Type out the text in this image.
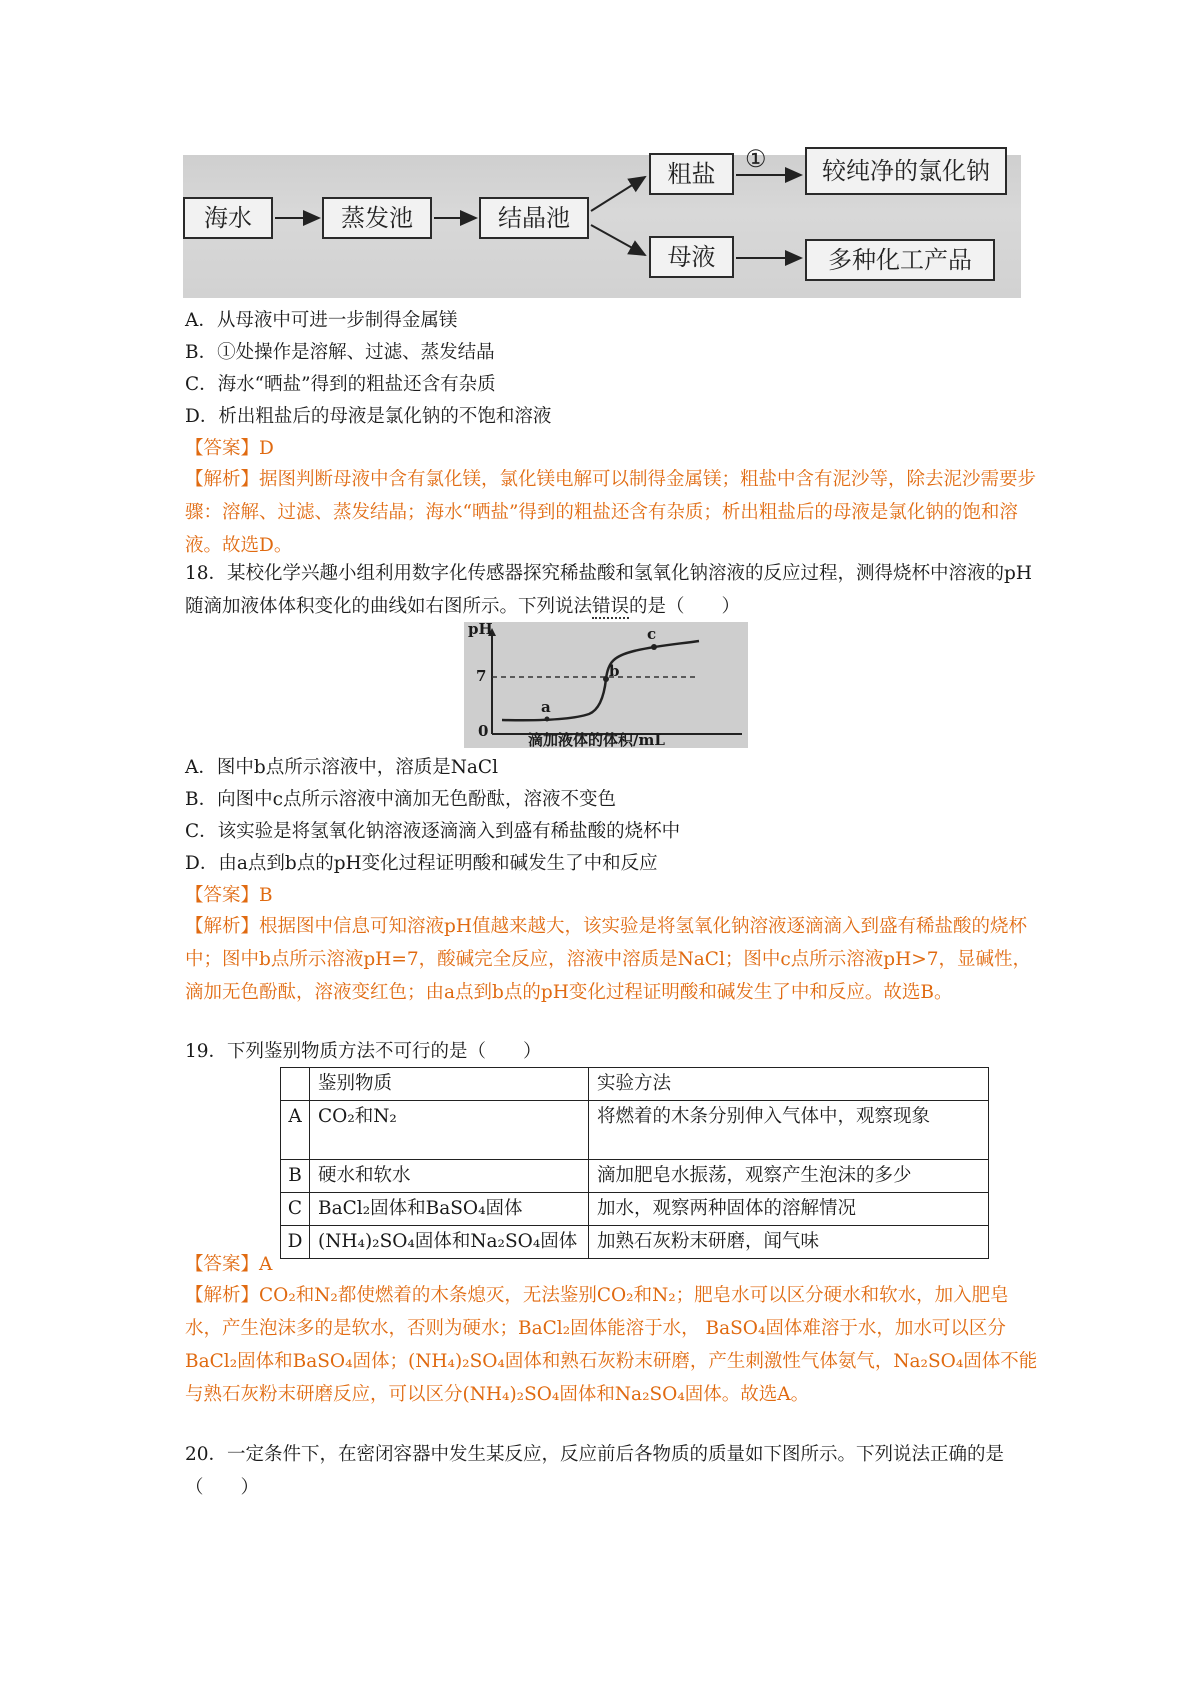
海水	蒸发池	结晶池
粗盐
母液
较纯净的氯化钠
多种化工产品
①
A．从母液中可进一步制得金属镁
B．①处操作是溶解、过滤、蒸发结晶
C．海水“晒盐”得到的粗盐还含有杂质
D．析出粗盐后的母液是氯化钠的不饱和溶液
【答案】D
【解析】据图判断母液中含有氯化镁，氯化镁电解可以制得金属镁；粗盐中含有泥沙等，除去泥沙需要步骤：溶解、过滤、蒸发结晶；海水“晒盐”得到的粗盐还含有杂质；析出粗盐后的母液是氯化钠的饱和溶液。故选D。
18．某校化学兴趣小组利用数字化传感器探究稀盐酸和氢氧化钠溶液的反应过程，测得烧杯中溶液的pH随滴加液体体积变化的曲线如右图所示。下列说法错误的是（　　）
pH
7
0
a
b
c
滴加液体的体积/mL
A．图中b点所示溶液中，溶质是NaCl
B．向图中c点所示溶液中滴加无色酚酞，溶液不变色
C．该实验是将氢氧化钠溶液逐滴滴入到盛有稀盐酸的烧杯中
D．由a点到b点的pH变化过程证明酸和碱发生了中和反应
【答案】B
【解析】根据图中信息可知溶液pH值越来越大，该实验是将氢氧化钠溶液逐滴滴入到盛有稀盐酸的烧杯中；图中b点所示溶液pH=7，酸碱完全反应，溶液中溶质是NaCl；图中c点所示溶液pH>7，显碱性，滴加无色酚酞，溶液变红色；由a点到b点的pH变化过程证明酸和碱发生了中和反应。故选B。
19．下列鉴别物质方法不可行的是（　　）
	鉴别物质	实验方法
A	CO₂和N₂	将燃着的木条分别伸入气体中，观察现象
B	硬水和软水	滴加肥皂水振荡，观察产生泡沫的多少
C	BaCl₂固体和BaSO₄固体	加水，观察两种固体的溶解情况
D	(NH₄)₂SO₄固体和Na₂SO₄固体	加熟石灰粉末研磨，闻气味
【答案】A
【解析】CO₂和N₂都使燃着的木条熄灭，无法鉴别CO₂和N₂；肥皂水可以区分硬水和软水，加入肥皂水，产生泡沫多的是软水，否则为硬水；BaCl₂固体能溶于水， BaSO₄固体难溶于水，加水可以区分BaCl₂固体和BaSO₄固体；(NH₄)₂SO₄固体和熟石灰粉末研磨，产生刺激性气体氨气，Na₂SO₄固体不能与熟石灰粉末研磨反应，可以区分(NH₄)₂SO₄固体和Na₂SO₄固体。故选A。
20．一定条件下，在密闭容器中发生某反应，反应前后各物质的质量如下图所示。下列说法正确的是（　　）
